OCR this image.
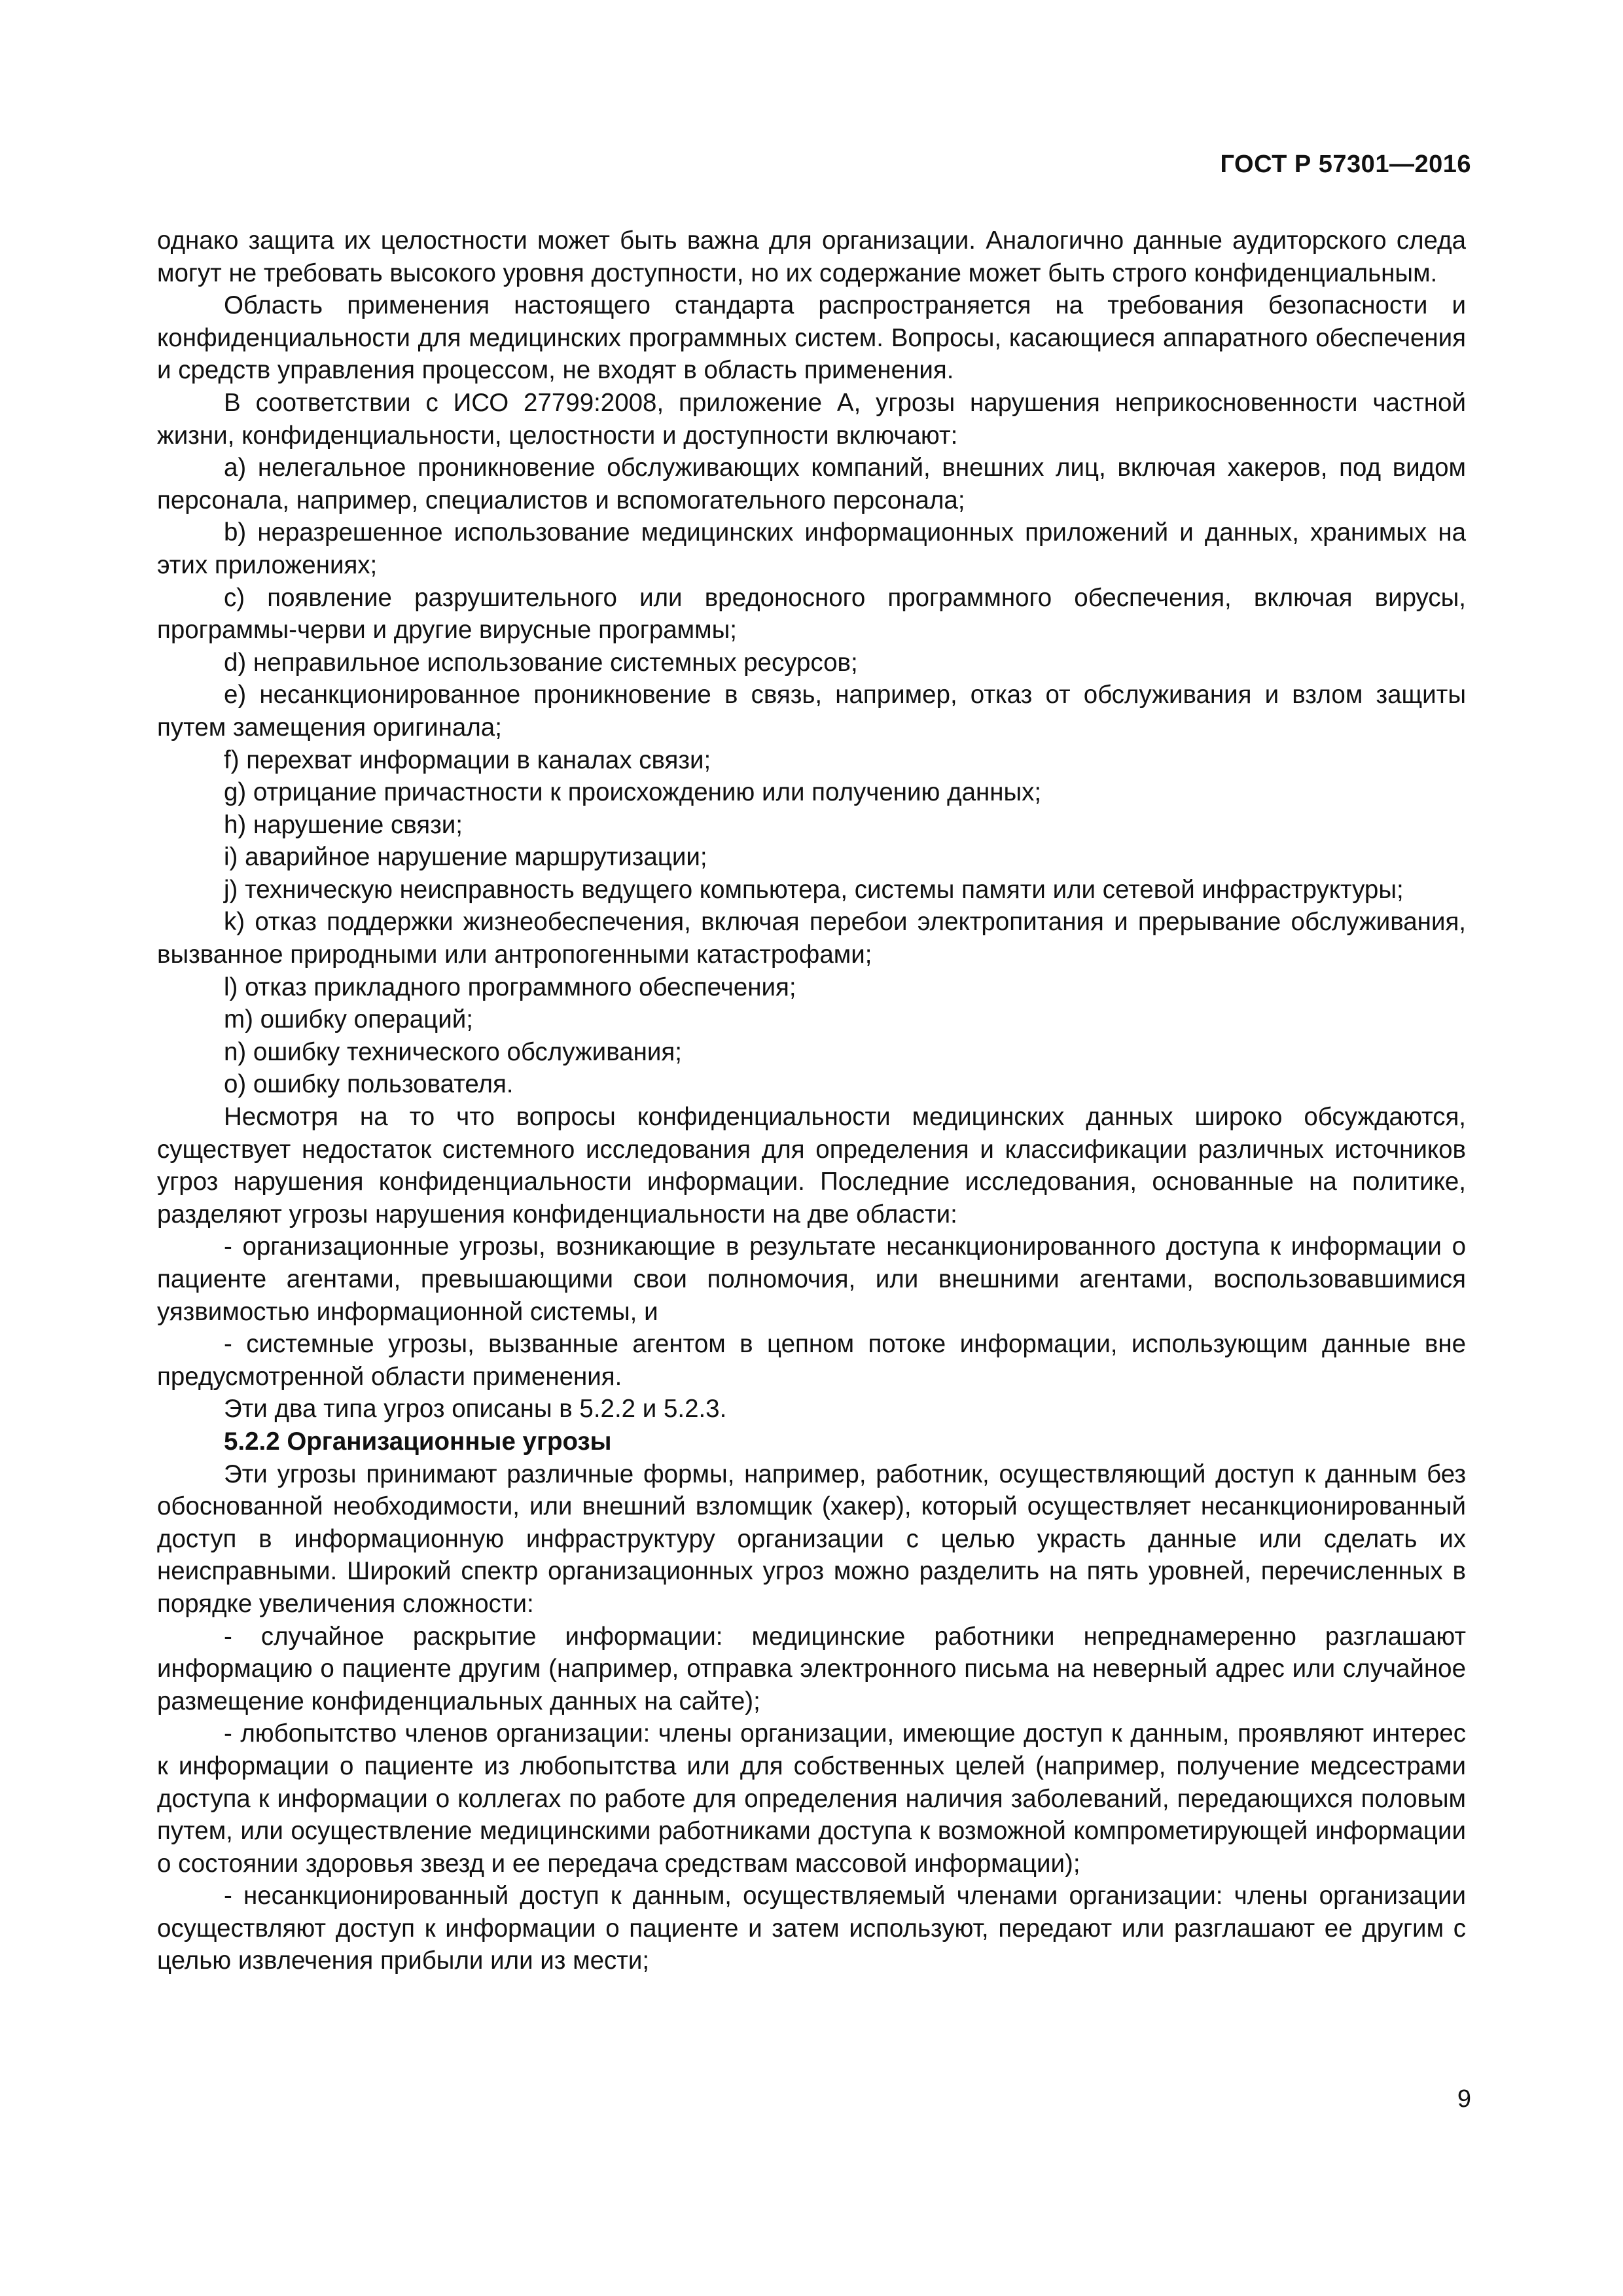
ГОСТ Р 57301—2016

однако защита их целостности может быть важна для организации. Аналогично данные аудиторского следа могут не требовать высокого уровня доступности, но их содержание может быть строго конфиденциальным.

Область применения настоящего стандарта распространяется на требования безопасности и конфиденциальности для медицинских программных систем. Вопросы, касающиеся аппаратного обеспечения и средств управления процессом, не входят в область применения.

В соответствии с ИСО 27799:2008, приложение А, угрозы нарушения неприкосновенности частной жизни, конфиденциальности, целостности и доступности включают:

a) нелегальное проникновение обслуживающих компаний, внешних лиц, включая хакеров, под видом персонала, например, специалистов и вспомогательного персонала;

b) неразрешенное использование медицинских информационных приложений и данных, хранимых на этих приложениях;

c) появление разрушительного или вредоносного программного обеспечения, включая вирусы, программы-черви и другие вирусные программы;

d) неправильное использование системных ресурсов;

e) несанкционированное проникновение в связь, например, отказ от обслуживания и взлом защиты путем замещения оригинала;

f) перехват информации в каналах связи;

g) отрицание причастности к происхождению или получению данных;

h) нарушение связи;

i) аварийное нарушение маршрутизации;

j) техническую неисправность ведущего компьютера, системы памяти или сетевой инфраструктуры;

k) отказ поддержки жизнеобеспечения, включая перебои электропитания и прерывание обслуживания, вызванное природными или антропогенными катастрофами;

l) отказ прикладного программного обеспечения;

m) ошибку операций;

n) ошибку технического обслуживания;

o) ошибку пользователя.

Несмотря на то что вопросы конфиденциальности медицинских данных широко обсуждаются, существует недостаток системного исследования для определения и классификации различных источников угроз нарушения конфиденциальности информации. Последние исследования, основанные на политике, разделяют угрозы нарушения конфиденциальности на две области:

- организационные угрозы, возникающие в результате несанкционированного доступа к информации о пациенте агентами, превышающими свои полномочия, или внешними агентами, воспользовавшимися уязвимостью информационной системы, и

- системные угрозы, вызванные агентом в цепном потоке информации, использующим данные вне предусмотренной области применения.

Эти два типа угроз описаны в 5.2.2 и 5.2.3.

5.2.2 Организационные угрозы

Эти угрозы принимают различные формы, например, работник, осуществляющий доступ к данным без обоснованной необходимости, или внешний взломщик (хакер), который осуществляет несанкционированный доступ в информационную инфраструктуру организации с целью украсть данные или сделать их неисправными. Широкий спектр организационных угроз можно разделить на пять уровней, перечисленных в порядке увеличения сложности:

- случайное раскрытие информации: медицинские работники непреднамеренно разглашают информацию о пациенте другим (например, отправка электронного письма на неверный адрес или случайное размещение конфиденциальных данных на сайте);

- любопытство членов организации: члены организации, имеющие доступ к данным, проявляют интерес к информации о пациенте из любопытства или для собственных целей (например, получение медсестрами доступа к информации о коллегах по работе для определения наличия заболеваний, передающихся половым путем, или осуществление медицинскими работниками доступа к возможной компрометирующей информации о состоянии здоровья звезд и ее передача средствам массовой информации);

- несанкционированный доступ к данным, осуществляемый членами организации: члены организации осуществляют доступ к информации о пациенте и затем используют, передают или разглашают ее другим с целью извлечения прибыли или из мести;

9
